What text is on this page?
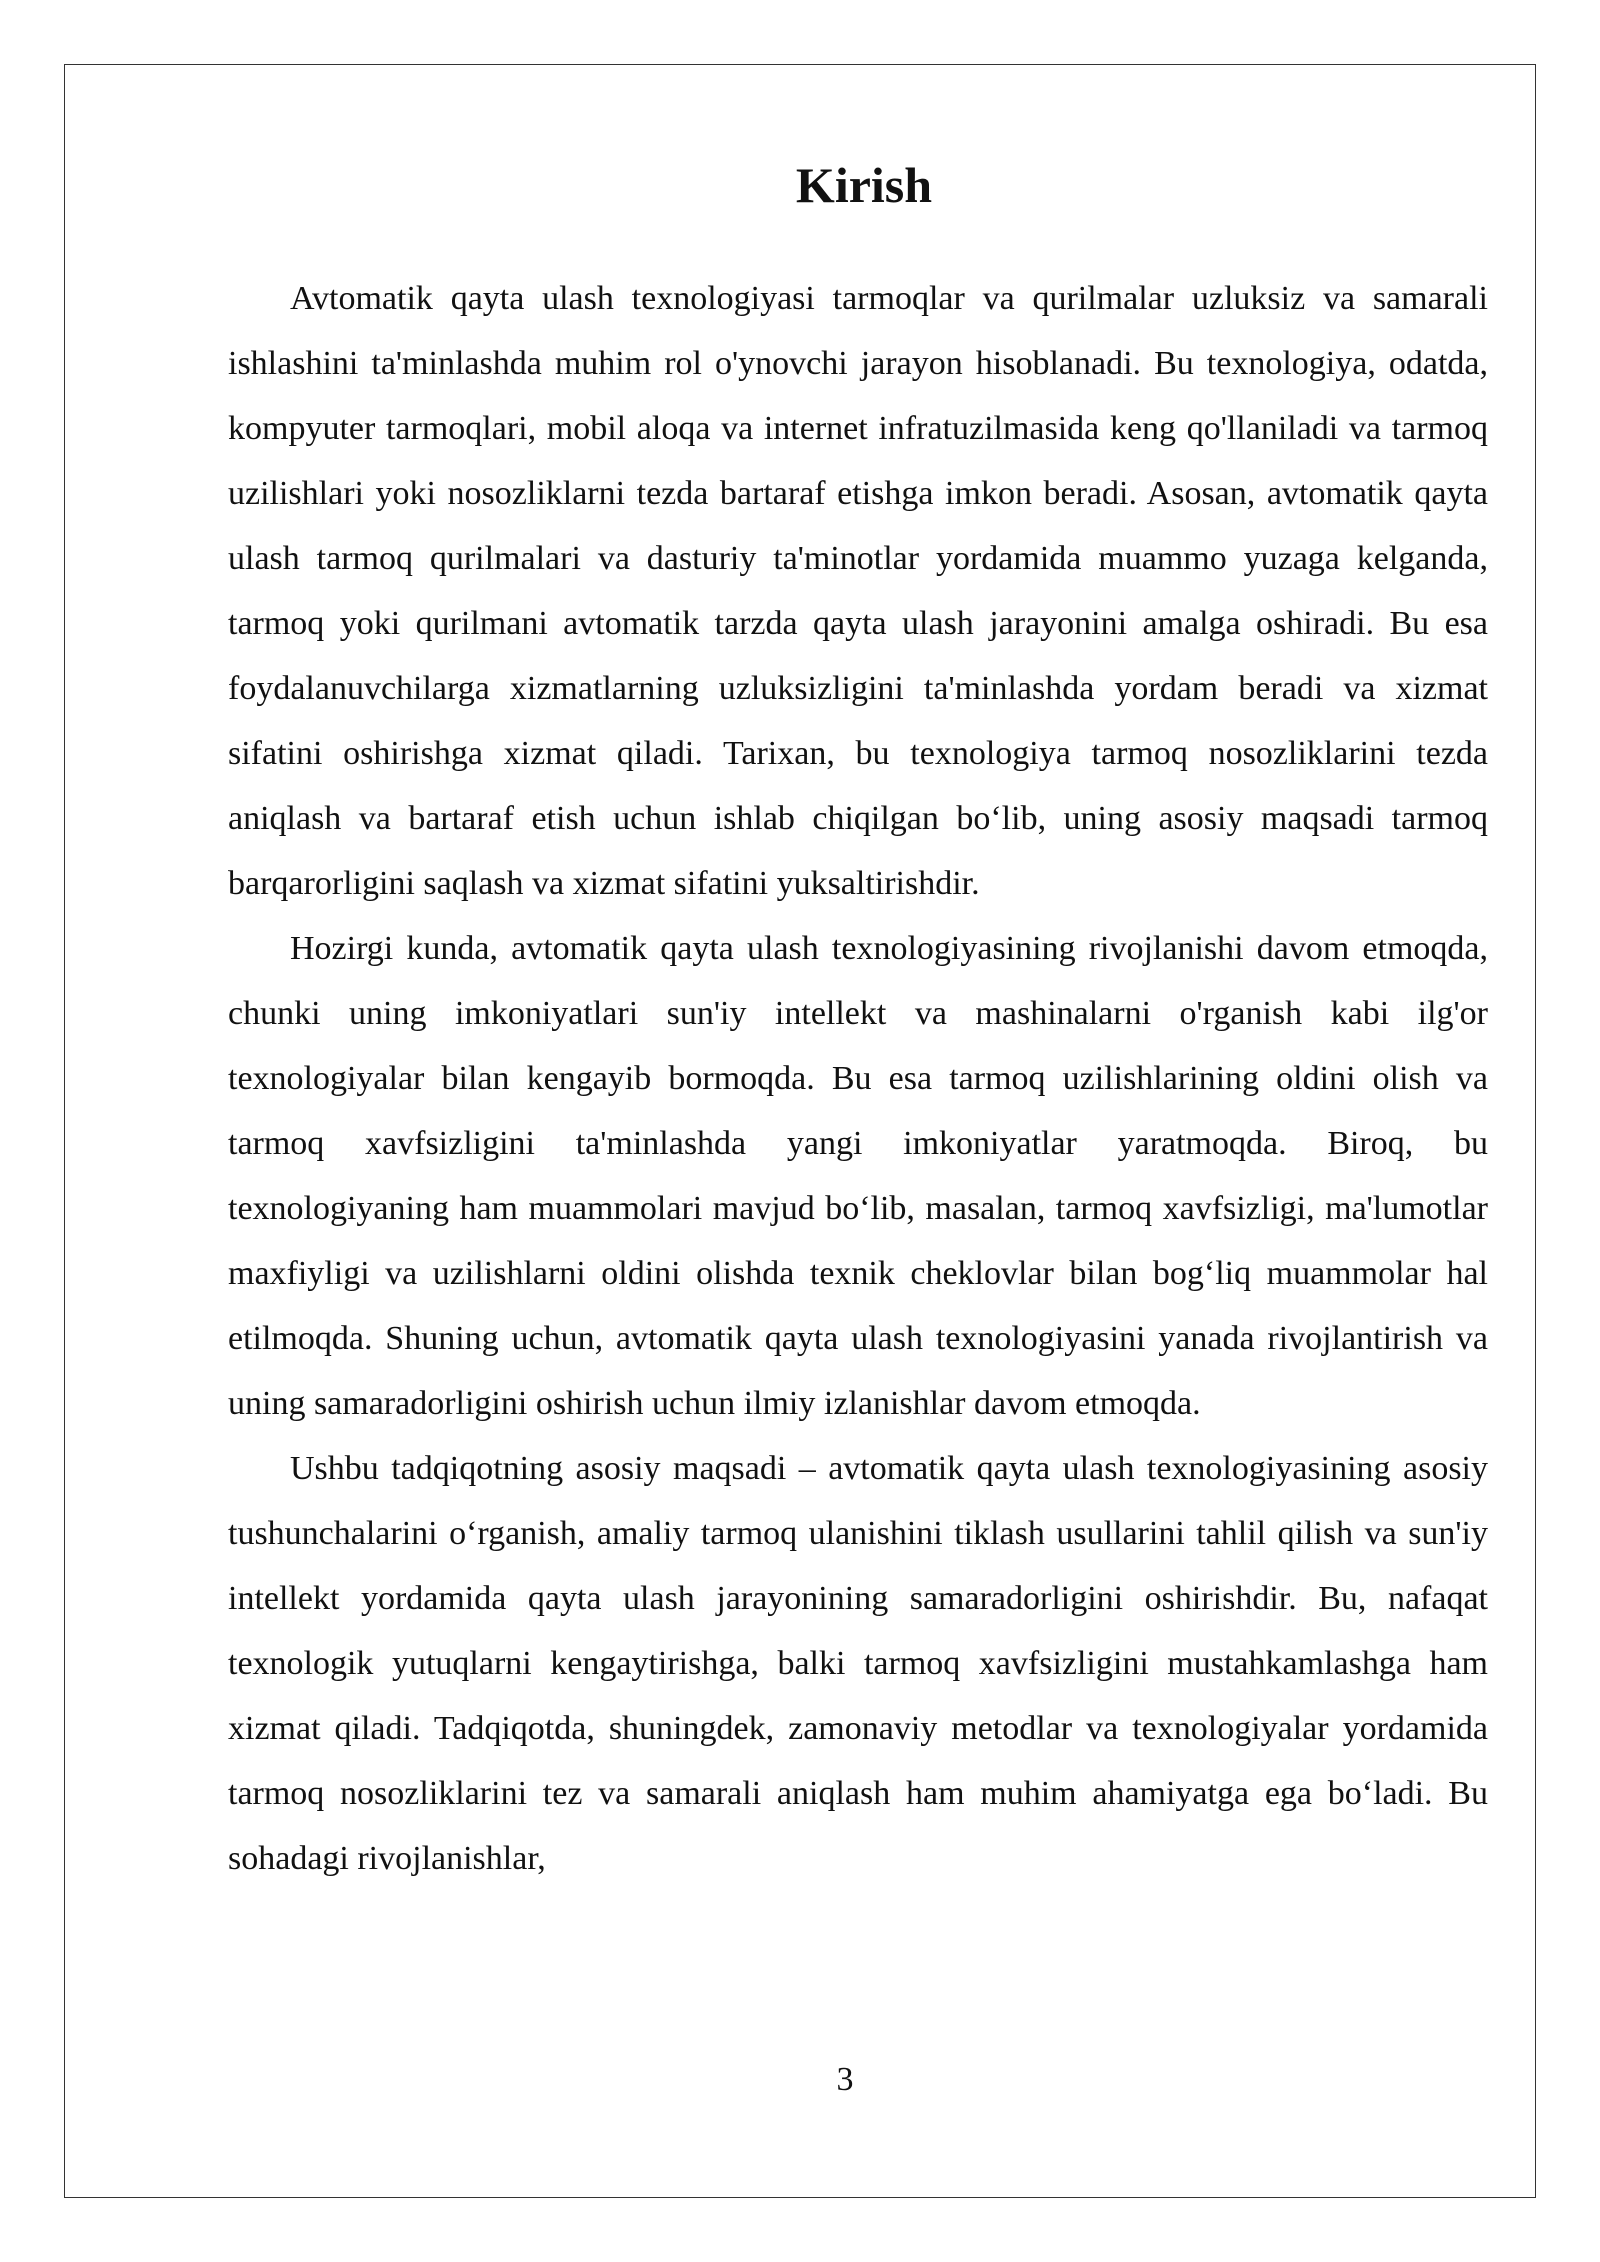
Kirish

Avtomatik qayta ulash texnologiyasi tarmoqlar va qurilmalar uzluksiz va samarali ishlashini ta'minlashda muhim rol o'ynovchi jarayon hisoblanadi. Bu texnologiya, odatda, kompyuter tarmoqlari, mobil aloqa va internet infratuzilmasida keng qo'llaniladi va tarmoq uzilishlari yoki nosozliklarni tezda bartaraf etishga imkon beradi. Asosan, avtomatik qayta ulash tarmoq qurilmalari va dasturiy ta'minotlar yordamida muammo yuzaga kelganda, tarmoq yoki qurilmani avtomatik tarzda qayta ulash jarayonini amalga oshiradi. Bu esa foydalanuvchilarga xizmatlarning uzluksizligini ta'minlashda yordam beradi va xizmat sifatini oshirishga xizmat qiladi. Tarixan, bu texnologiya tarmoq nosozliklarini tezda aniqlash va bartaraf etish uchun ishlab chiqilgan bo‘lib, uning asosiy maqsadi tarmoq barqarorligini saqlash va xizmat sifatini yuksaltirishdir.

Hozirgi kunda, avtomatik qayta ulash texnologiyasining rivojlanishi davom etmoqda, chunki uning imkoniyatlari sun'iy intellekt va mashinalarni o'rganish kabi ilg'or texnologiyalar bilan kengayib bormoqda. Bu esa tarmoq uzilishlarining oldini olish va tarmoq xavfsizligini ta'minlashda yangi imkoniyatlar yaratmoqda. Biroq, bu texnologiyaning ham muammolari mavjud bo‘lib, masalan, tarmoq xavfsizligi, ma'lumotlar maxfiyligi va uzilishlarni oldini olishda texnik cheklovlar bilan bog‘liq muammolar hal etilmoqda. Shuning uchun, avtomatik qayta ulash texnologiyasini yanada rivojlantirish va uning samaradorligini oshirish uchun ilmiy izlanishlar davom etmoqda.

Ushbu tadqiqotning asosiy maqsadi – avtomatik qayta ulash texnologiyasining asosiy tushunchalarini o‘rganish, amaliy tarmoq ulanishini tiklash usullarini tahlil qilish va sun'iy intellekt yordamida qayta ulash jarayonining samaradorligini oshirishdir. Bu, nafaqat texnologik yutuqlarni kengaytirishga, balki tarmoq xavfsizligini mustahkamlashga ham xizmat qiladi. Tadqiqotda, shuningdek, zamonaviy metodlar va texnologiyalar yordamida tarmoq nosozliklarini tez va samarali aniqlash ham muhim ahamiyatga ega bo‘ladi. Bu sohadagi rivojlanishlar,

3
